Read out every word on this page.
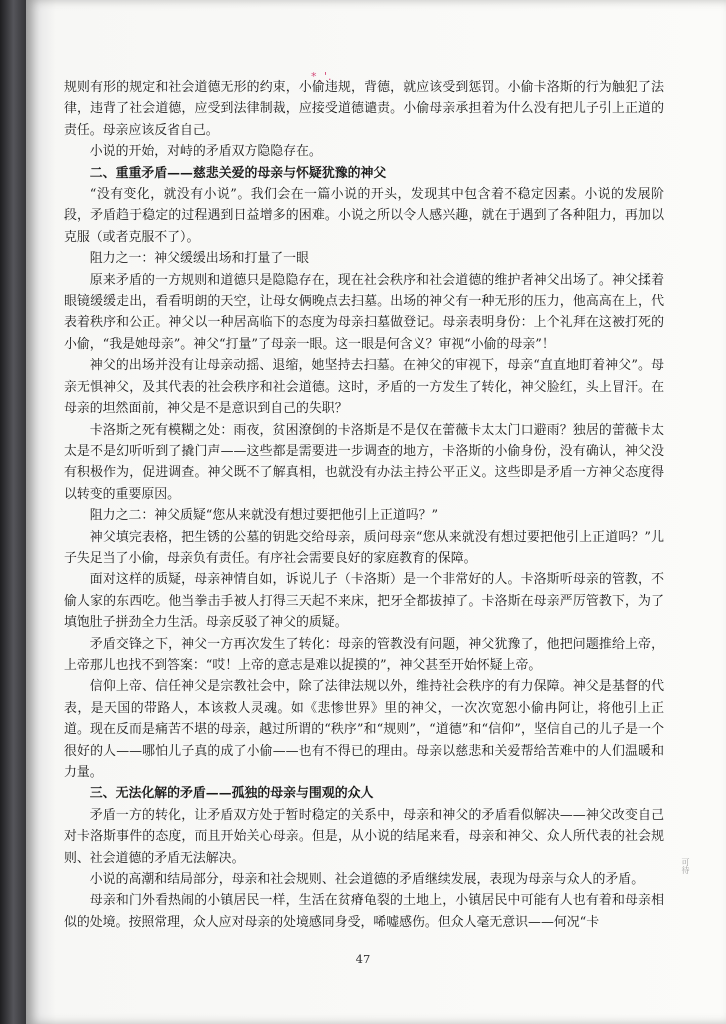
*¸'.

规则有形的规定和社会道德无形的约束，小偷违规，背德，就应该受到惩罚。小偷卡洛斯的行为触犯了法律，违背了社会道德，应受到法律制裁，应接受道德谴责。小偷母亲承担着为什么没有把儿子引上正道的责任。母亲应该反省自己。

小说的开始，对峙的矛盾双方隐隐存在。

二、重重矛盾——慈悲关爱的母亲与怀疑犹豫的神父

“没有变化，就没有小说”。我们会在一篇小说的开头，发现其中包含着不稳定因素。小说的发展阶段，矛盾趋于稳定的过程遇到日益增多的困难。小说之所以令人感兴趣，就在于遇到了各种阻力，再加以克服（或者克服不了）。

阻力之一：神父缓缓出场和打量了一眼

原来矛盾的一方规则和道德只是隐隐存在，现在社会秩序和社会道德的维护者神父出场了。神父揉着眼镜缓缓走出，看看明朗的天空，让母女俩晚点去扫墓。出场的神父有一种无形的压力，他高高在上，代表着秩序和公正。神父以一种居高临下的态度为母亲扫墓做登记。母亲表明身份：上个礼拜在这被打死的小偷，“我是她母亲”。神父“打量”了母亲一眼。这一眼是何含义？审视“小偷的母亲”！

神父的出场并没有让母亲动摇、退缩，她坚持去扫墓。在神父的审视下，母亲“直直地盯着神父”。母亲无惧神父，及其代表的社会秩序和社会道德。这时，矛盾的一方发生了转化，神父脸红，头上冒汗。在母亲的坦然面前，神父是不是意识到自己的失职？

卡洛斯之死有模糊之处：雨夜，贫困潦倒的卡洛斯是不是仅在蕾薇卡太太门口避雨？独居的蕾薇卡太太是不是幻听听到了撬门声——这些都是需要进一步调查的地方，卡洛斯的小偷身份，没有确认，神父没有积极作为，促进调查。神父既不了解真相，也就没有办法主持公平正义。这些即是矛盾一方神父态度得以转变的重要原因。

阻力之二：神父质疑“您从来就没有想过要把他引上正道吗？”

神父填完表格，把生锈的公墓的钥匙交给母亲，质问母亲“您从来就没有想过要把他引上正道吗？”儿子失足当了小偷，母亲负有责任。有序社会需要良好的家庭教育的保障。

面对这样的质疑，母亲神情自如，诉说儿子（卡洛斯）是一个非常好的人。卡洛斯听母亲的管教，不偷人家的东西吃。他当拳击手被人打得三天起不来床，把牙全都拔掉了。卡洛斯在母亲严厉管教下，为了填饱肚子拼劲全力生活。母亲反驳了神父的质疑。

矛盾交锋之下，神父一方再次发生了转化：母亲的管教没有问题，神父犹豫了，他把问题推给上帝，上帝那儿也找不到答案：“哎！上帝的意志是难以捉摸的”，神父甚至开始怀疑上帝。

信仰上帝、信任神父是宗教社会中，除了法律法规以外，维持社会秩序的有力保障。神父是基督的代表，是天国的带路人，本该救人灵魂。如《悲惨世界》里的神父，一次次宽恕小偷冉阿让，将他引上正道。现在反而是痛苦不堪的母亲，越过所谓的“秩序”和“规则”，“道德”和“信仰”，坚信自己的儿子是一个很好的人——哪怕儿子真的成了小偷——也有不得已的理由。母亲以慈悲和关爱帮给苦难中的人们温暖和力量。

三、无法化解的矛盾——孤独的母亲与围观的众人

矛盾一方的转化，让矛盾双方处于暂时稳定的关系中，母亲和神父的矛盾看似解决——神父改变自己对卡洛斯事件的态度，而且开始关心母亲。但是，从小说的结尾来看，母亲和神父、众人所代表的社会规则、社会道德的矛盾无法解决。

小说的高潮和结局部分，母亲和社会规则、社会道德的矛盾继续发展，表现为母亲与众人的矛盾。

母亲和门外看热闹的小镇居民一样，生活在贫瘠龟裂的土地上，小镇居民中可能有人也有着和母亲相似的处境。按照常理，众人应对母亲的处境感同身受，唏嘘感伤。但众人毫无意识——何况“卡

可待
47
